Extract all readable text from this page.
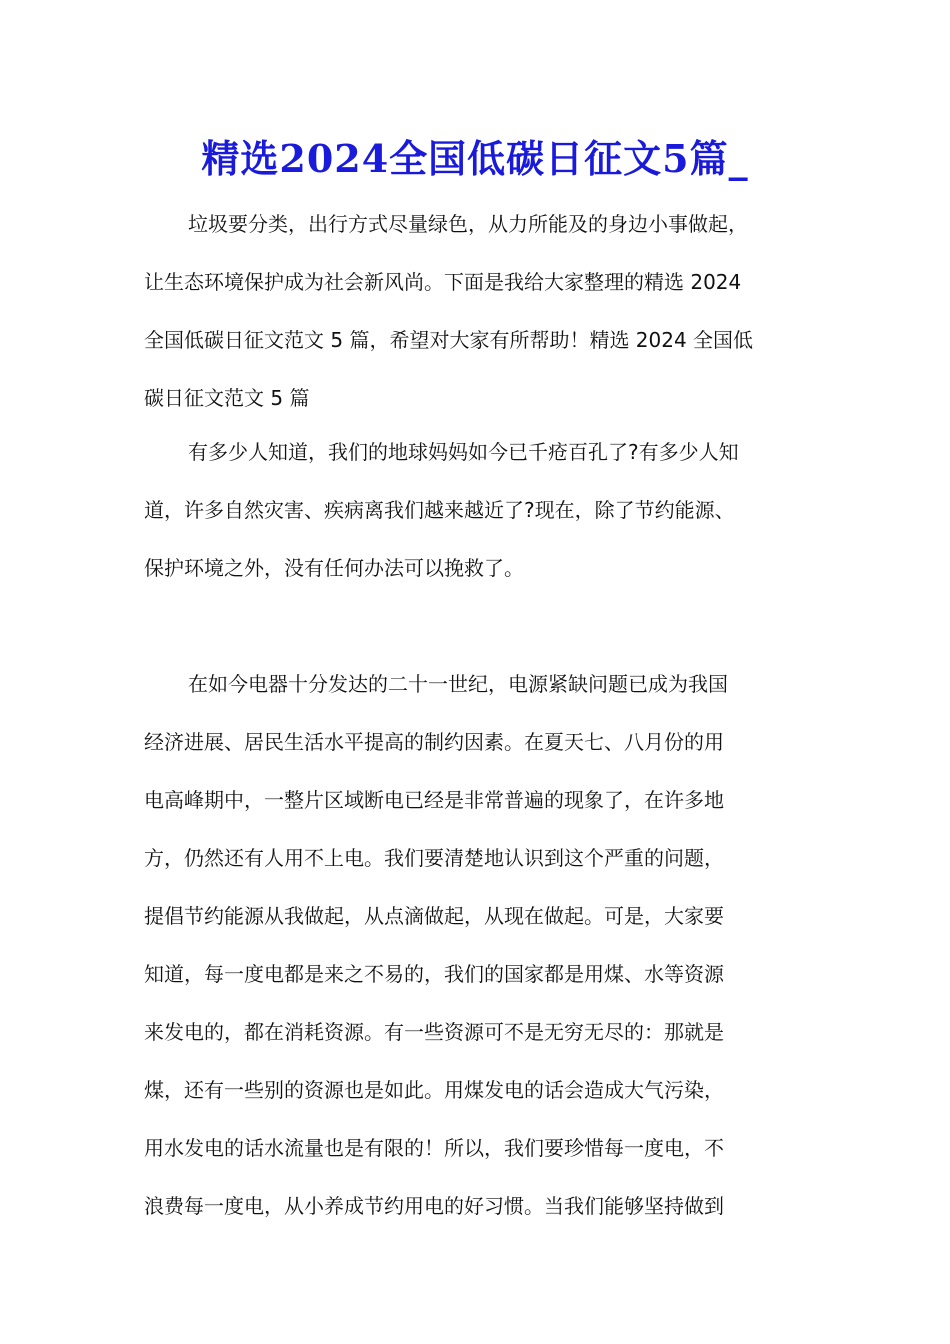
精选2024全国低碳日征文5篇_
垃圾要分类，出行方式尽量绿色，从力所能及的身边小事做起，
让生态环境保护成为社会新风尚。下面是我给大家整理的精选 2024
全国低碳日征文范文 5 篇，希望对大家有所帮助！精选 2024 全国低
碳日征文范文 5 篇
有多少人知道，我们的地球妈妈如今已千疮百孔了?有多少人知
道，许多自然灾害、疾病离我们越来越近了?现在，除了节约能源、
保护环境之外，没有任何办法可以挽救了。
在如今电器十分发达的二十一世纪，电源紧缺问题已成为我国
经济进展、居民生活水平提高的制约因素。在夏天七、八月份的用
电高峰期中，一整片区域断电已经是非常普遍的现象了，在许多地
方，仍然还有人用不上电。我们要清楚地认识到这个严重的问题，
提倡节约能源从我做起，从点滴做起，从现在做起。可是，大家要
知道，每一度电都是来之不易的，我们的国家都是用煤、水等资源
来发电的，都在消耗资源。有一些资源可不是无穷无尽的：那就是
煤，还有一些别的资源也是如此。用煤发电的话会造成大气污染，
用水发电的话水流量也是有限的！所以，我们要珍惜每一度电，不
浪费每一度电，从小养成节约用电的好习惯。当我们能够坚持做到
